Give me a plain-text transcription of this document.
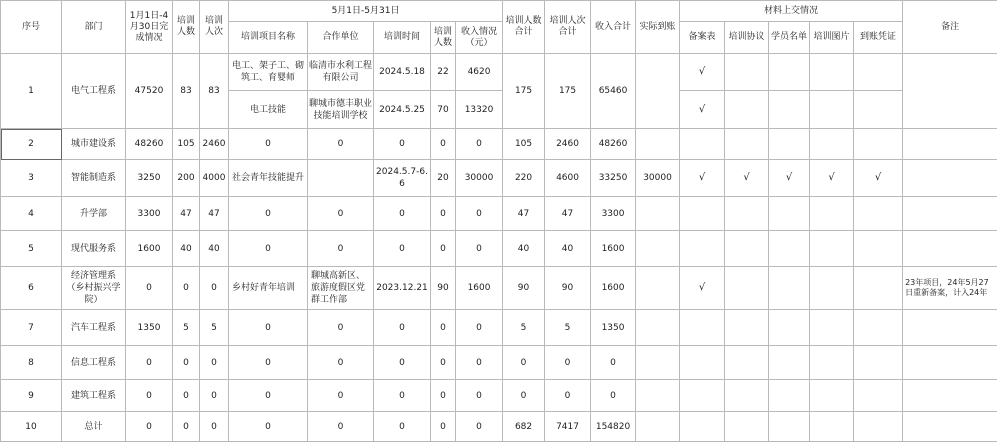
序号	部门	1月1日-4月30日完成情况	培训人数	培训人次	5月1日-5月31日					培训人数合计	培训人次合计	收入合计	实际到账	材料上交情况					备注
					培训项目名称	合作单位	培训时间	培训人数	收入情况（元）					备案表	培训协议	学员名单	培训图片	到账凭证	
1	电气工程系	47520	83	83	电工、架子工、砌筑工、育婴师	临清市水利工程有限公司	2024.5.18	22	4620	175	175	65460		√					
					电工技能	聊城市德丰职业技能培训学校	2024.5.25	70	13320					√					
2	城市建设系	48260	105	2460	0	0	0	0	0	105	2460	48260							
3	智能制造系	3250	200	4000	社会青年技能提升		2024.5.7-6.6	20	30000	220	4600	33250	30000	√	√	√	√	√	
4	升学部	3300	47	47	0	0	0	0	0	47	47	3300							
5	现代服务系	1600	40	40	0	0	0	0	0	40	40	1600							
6	经济管理系（乡村振兴学院）	0	0	0	乡村好青年培训	聊城高新区、旅游度假区党群工作部	2023.12.21	90	1600	90	90	1600		√					23年项目，24年5月27日重新备案，计入24年
7	汽车工程系	1350	5	5	0	0	0	0	0	5	5	1350							
8	信息工程系	0	0	0	0	0	0	0	0	0	0	0							
9	建筑工程系	0	0	0	0	0	0	0	0	0	0	0							
10	总计	0	0	0	0	0	0	0	0	682	7417	154820							
